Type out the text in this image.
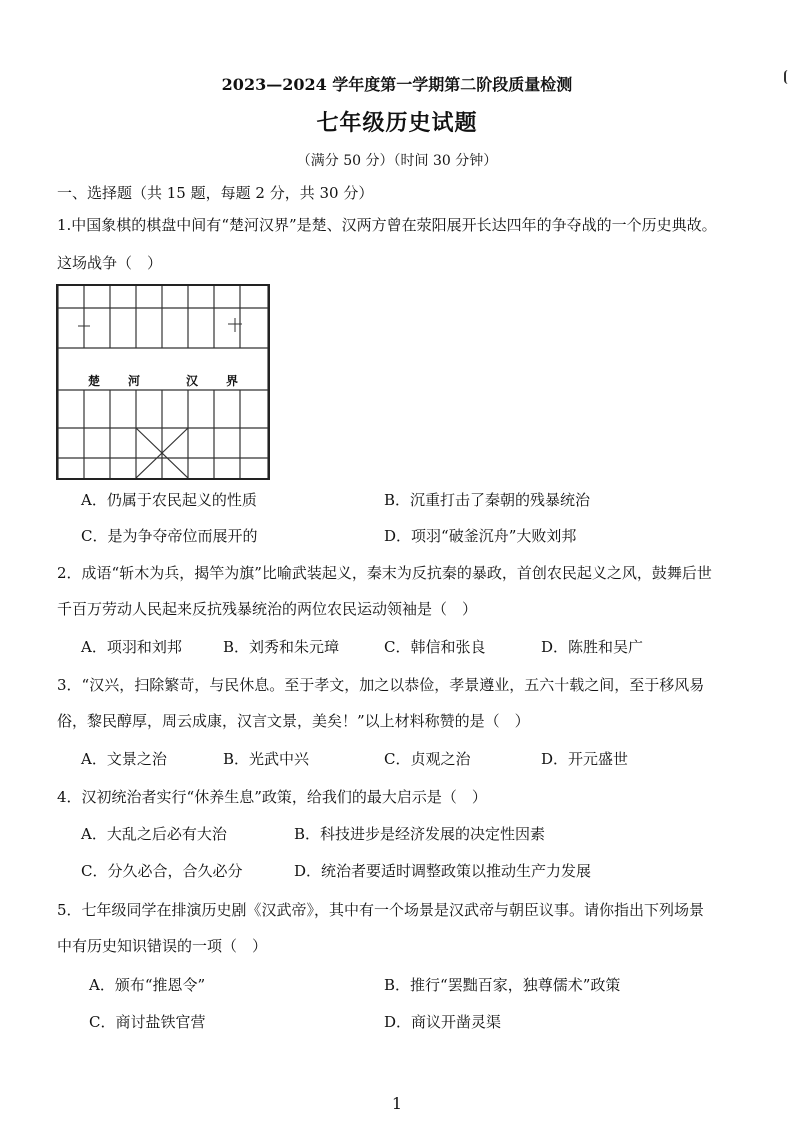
2023—2024 学年度第一学期第二阶段质量检测
七年级历史试题
（满分 50 分）（时间 30 分钟）
一、选择题（共 15 题，每题 2 分，共 30 分）
1.中国象棋的棋盘中间有“楚河汉界”是楚、汉两方曾在荥阳展开长达四年的争夺战的一个历史典故。
这场战争（　）
楚　河	汉　界
A．仍属于农民起义的性质	B．沉重打击了秦朝的残暴统治
C．是为争夺帝位而展开的	D．项羽“破釜沉舟”大败刘邦
2．成语“斩木为兵，揭竿为旗”比喻武装起义，秦末为反抗秦的暴政，首创农民起义之风，鼓舞后世
千百万劳动人民起来反抗残暴统治的两位农民运动领袖是（　）
A．项羽和刘邦	B．刘秀和朱元璋	C．韩信和张良	D．陈胜和吴广
3．“汉兴，扫除繁苛，与民休息。至于孝文，加之以恭俭，孝景遵业，五六十载之间，至于移风易
俗，黎民醇厚，周云成康，汉言文景，美矣！”以上材料称赞的是（　）
A．文景之治	B．光武中兴	C．贞观之治	D．开元盛世
4．汉初统治者实行“休养生息”政策，给我们的最大启示是（　）
A．大乱之后必有大治	B．科技进步是经济发展的决定性因素
C．分久必合，合久必分	D．统治者要适时调整政策以推动生产力发展
5．七年级同学在排演历史剧《汉武帝》，其中有一个场景是汉武帝与朝臣议事。请你指出下列场景
中有历史知识错误的一项（　）
A．颁布“推恩令”	B．推行“罢黜百家，独尊儒术”政策
C．商讨盐铁官营	D．商议开凿灵渠
1
